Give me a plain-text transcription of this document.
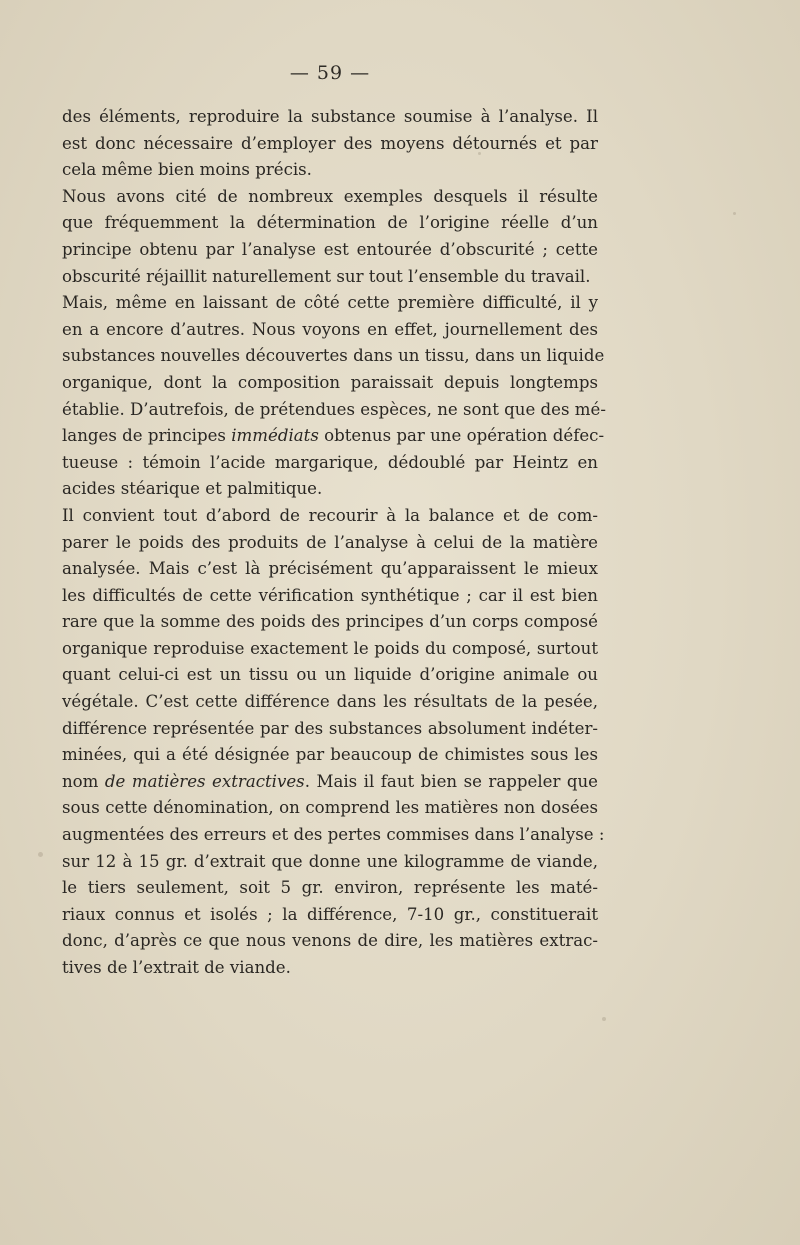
— 59 —
des éléments, reproduire la substance soumise à l’analyse. Il
est donc nécessaire d’employer des moyens détournés et par
cela même bien moins précis.
Nous avons cité de nombreux exemples desquels il résulte
que fréquemment la détermination de l’origine réelle d’un
principe obtenu par l’analyse est entourée d’obscurité ; cette
obscurité réjaillit naturellement sur tout l’ensemble du travail.
Mais, même en laissant de côté cette première difficulté, il y
en a encore d’autres. Nous voyons en effet, journellement des
substances nouvelles découvertes dans un tissu, dans un liquide
organique, dont la composition paraissait depuis longtemps
établie. D’autrefois, de prétendues espèces, ne sont que des mé-
langes de principes immédiats obtenus par une opération défec-
tueuse : témoin l’acide margarique, dédoublé par Heintz en
acides stéarique et palmitique.
Il convient tout d’abord de recourir à la balance et de com-
parer le poids des produits de l’analyse à celui de la matière
analysée. Mais c’est là précisément qu’apparaissent le mieux
les difficultés de cette vérification synthétique ; car il est bien
rare que la somme des poids des principes d’un corps composé
organique reproduise exactement le poids du composé, surtout
quant celui-ci est un tissu ou un liquide d’origine animale ou
végétale. C’est cette différence dans les résultats de la pesée,
différence représentée par des substances absolument indéter-
minées, qui a été désignée par beaucoup de chimistes sous les
nom de matières extractives. Mais il faut bien se rappeler que
sous cette dénomination, on comprend les matières non dosées
augmentées des erreurs et des pertes commises dans l’analyse :
sur 12 à 15 gr. d’extrait que donne une kilogramme de viande,
le tiers seulement, soit 5 gr. environ, représente les maté-
riaux connus et isolés ; la différence, 7-10 gr., constituerait
donc, d’après ce que nous venons de dire, les matières extrac-
tives de l’extrait de viande.
